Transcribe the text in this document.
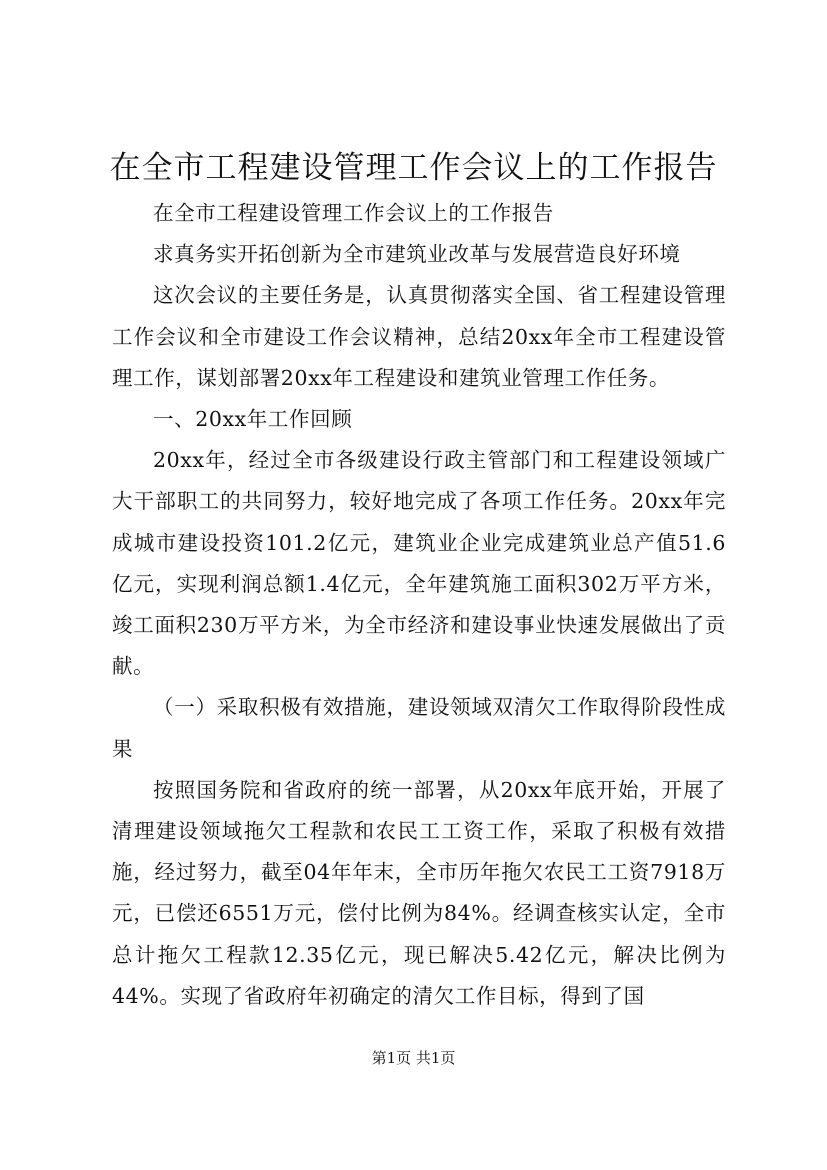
在全市工程建设管理工作会议上的工作报告

在全市工程建设管理工作会议上的工作报告

求真务实开拓创新为全市建筑业改革与发展营造良好环境

这次会议的主要任务是，认真贯彻落实全国、省工程建设管理工作会议和全市建设工作会议精神，总结20xx年全市工程建设管理工作，谋划部署20xx年工程建设和建筑业管理工作任务。

一、20xx年工作回顾

20xx年，经过全市各级建设行政主管部门和工程建设领域广大干部职工的共同努力，较好地完成了各项工作任务。20xx年完成城市建设投资101.2亿元，建筑业企业完成建筑业总产值51.6亿元，实现利润总额1.4亿元，全年建筑施工面积302万平方米，竣工面积230万平方米，为全市经济和建设事业快速发展做出了贡献。

（一）采取积极有效措施，建设领域双清欠工作取得阶段性成果

按照国务院和省政府的统一部署，从20xx年底开始，开展了清理建设领域拖欠工程款和农民工工资工作，采取了积极有效措施，经过努力，截至04年年末，全市历年拖欠农民工工资7918万元，已偿还6551万元，偿付比例为84%。经调查核实认定，全市总计拖欠工程款12.35亿元，现已解决5.42亿元，解决比例为44%。实现了省政府年初确定的清欠工作目标，得到了国

第1页 共1页
